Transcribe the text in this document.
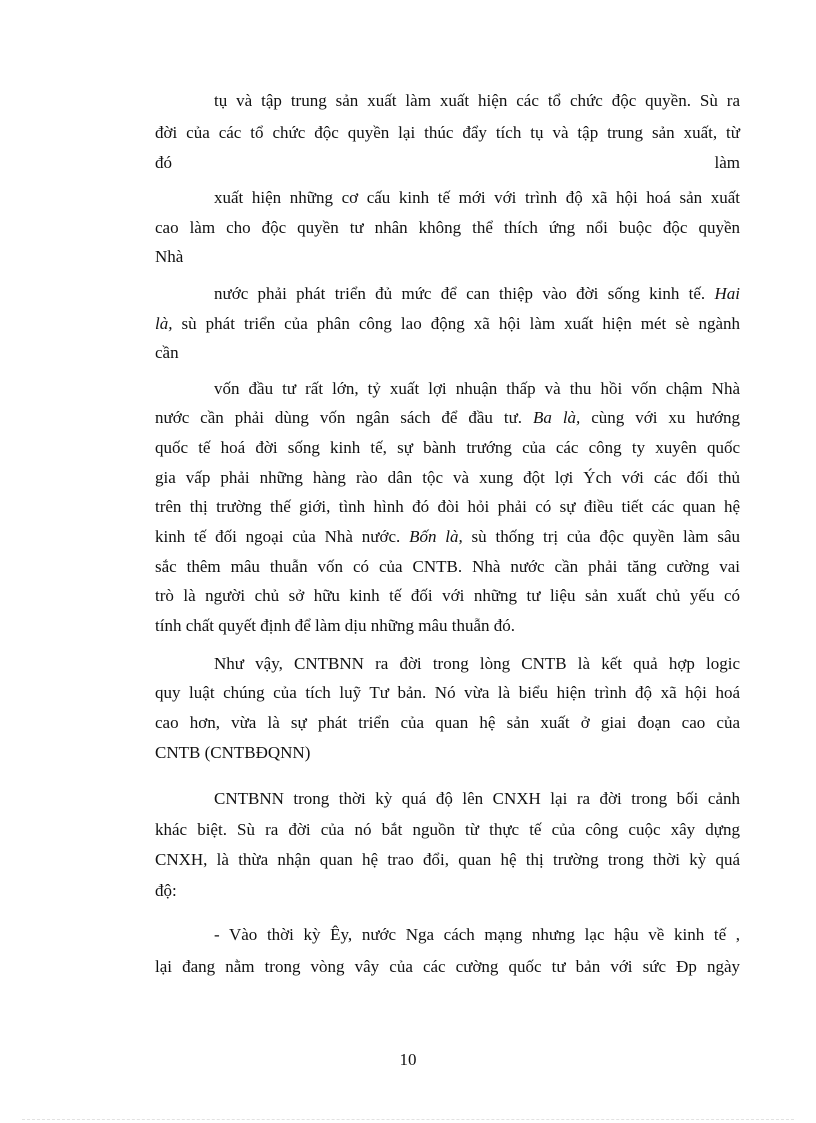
tụ và tập trung sản xuất làm xuất hiện các tổ chức độc quyền. Sù ra
đời của các tổ chức độc quyền lại thúc đẩy tích tụ và tập trung sản xuất, từ
đó làm
xuất hiện những cơ cấu kinh tế mới với trình độ xã hội hoá sản xuất
cao làm cho độc quyền tư nhân không thể thích ứng nổi buộc độc quyền
Nhà
nước phải phát triển đủ mức để can thiệp vào đời sống kinh tế. Hai
là, sù phát triển của phân công lao động xã hội làm xuất hiện mét sè ngành
cần
vốn đầu tư rất lớn, tỷ xuất lợi nhuận thấp và thu hồi vốn chậm Nhà
nước cần phải dùng vốn ngân sách để đầu tư. Ba là, cùng với xu hướng
quốc tế hoá đời sống kinh tế, sự bành trướng của các công ty xuyên quốc
gia vấp phải những hàng rào dân tộc và xung đột lợi Ých với các đối thủ
trên thị trường thế giới, tình hình đó đòi hỏi phải có sự điều tiết các quan hệ
kinh tế đối ngoại của Nhà nước. Bốn là, sù thống trị của độc quyền làm sâu
sắc thêm mâu thuẫn vốn có của CNTB. Nhà nước cần phải tăng cường vai
trò là người chủ sở hữu kinh tế đối với những tư liệu sản xuất chủ yếu có
tính chất quyết định để làm dịu những mâu thuẫn đó.
Như vậy, CNTBNN ra đời trong lòng CNTB là kết quả hợp logic
quy luật chúng của tích luỹ Tư bản. Nó vừa là biểu hiện trình độ xã hội hoá
cao hơn, vừa là sự phát triển của quan hệ sản xuất ở giai đoạn cao của
CNTB (CNTBĐQNN)
CNTBNN trong thời kỳ quá độ lên CNXH lại ra đời trong bối cảnh
khác biệt. Sù ra đời của nó bắt nguồn từ thực tế của công cuộc xây dựng
CNXH, là thừa nhận quan hệ trao đổi, quan hệ thị trường trong thời kỳ quá
độ:
- Vào thời kỳ Êy, nước Nga cách mạng nhưng lạc hậu về kinh tế ,
lại đang nằm trong vòng vây của các cường quốc tư bản với sức Ðp ngày
10
